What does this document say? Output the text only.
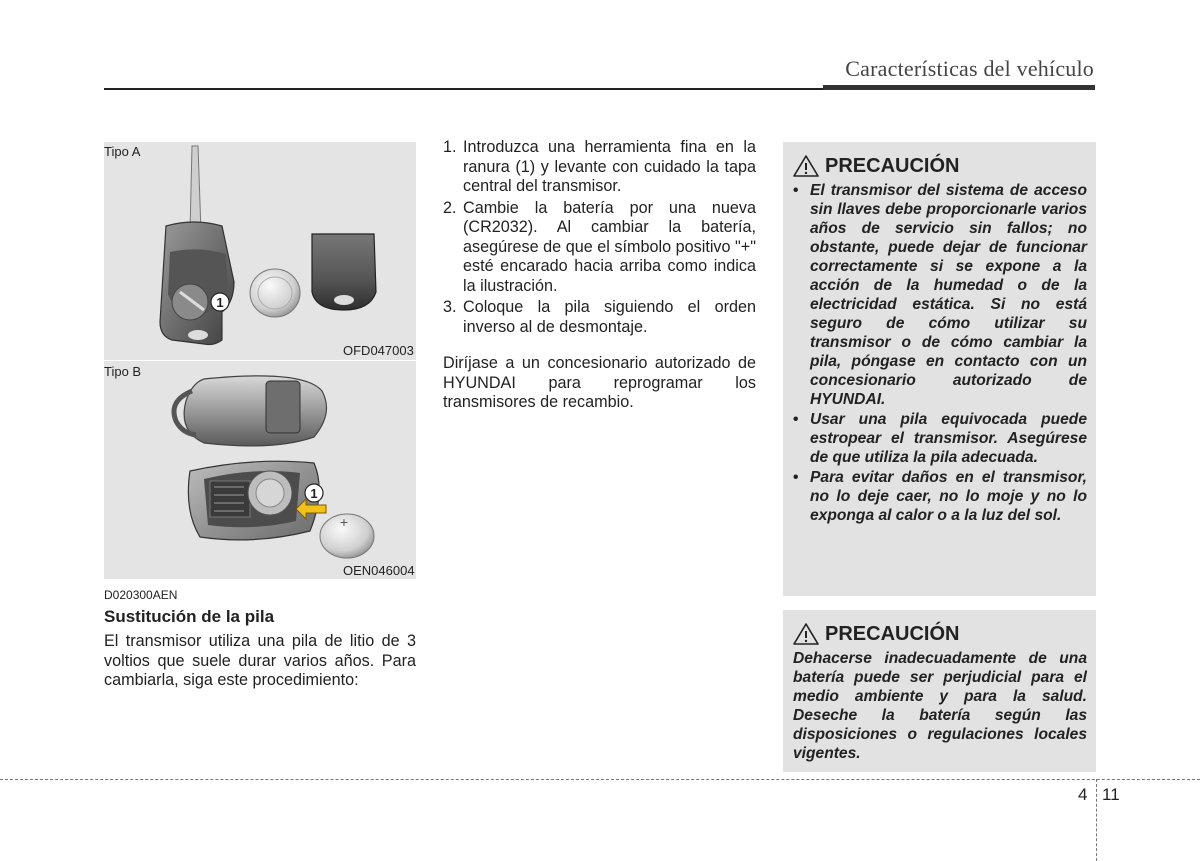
Características del vehículo
Tipo A
1
OFD047003
Tipo B
1
+
OEN046004
D020300AEN
Sustitución de la pila
El transmisor utiliza una pila de litio de 3 voltios que suele durar varios años. Para cambiarla, siga este procedimiento:
1. Introduzca una herramienta fina en la ranura (1) y levante con cuidado la tapa central del transmisor.
2. Cambie la batería por una nueva (CR2032). Al cambiar la batería, asegúrese de que el símbolo positivo "+" esté encarado hacia arriba como indica la ilustración.
3. Coloque la pila siguiendo el orden inverso al de desmontaje.
Diríjase a un concesionario autorizado de HYUNDAI para reprogramar los transmisores de recambio.
PRECAUCIÓN
• El transmisor del sistema de acceso sin llaves debe proporcionarle varios años de servicio sin fallos; no obstante, puede dejar de funcionar correctamente si se expone a la acción de la humedad o de la electricidad estática. Si no está seguro de cómo utilizar su transmisor o de cómo cambiar la pila, póngase en contacto con un concesionario autorizado de HYUNDAI.
• Usar una pila equivocada puede estropear el transmisor. Asegúrese de que utiliza la pila adecuada.
• Para evitar daños en el transmisor, no lo deje caer, no lo moje y no lo exponga al calor o a la luz del sol.
PRECAUCIÓN

Dehacerse inadecuadamente de una batería puede ser perjudicial para el medio ambiente y para la salud. Deseche la batería según las disposiciones o regulaciones locales vigentes.

4 11
